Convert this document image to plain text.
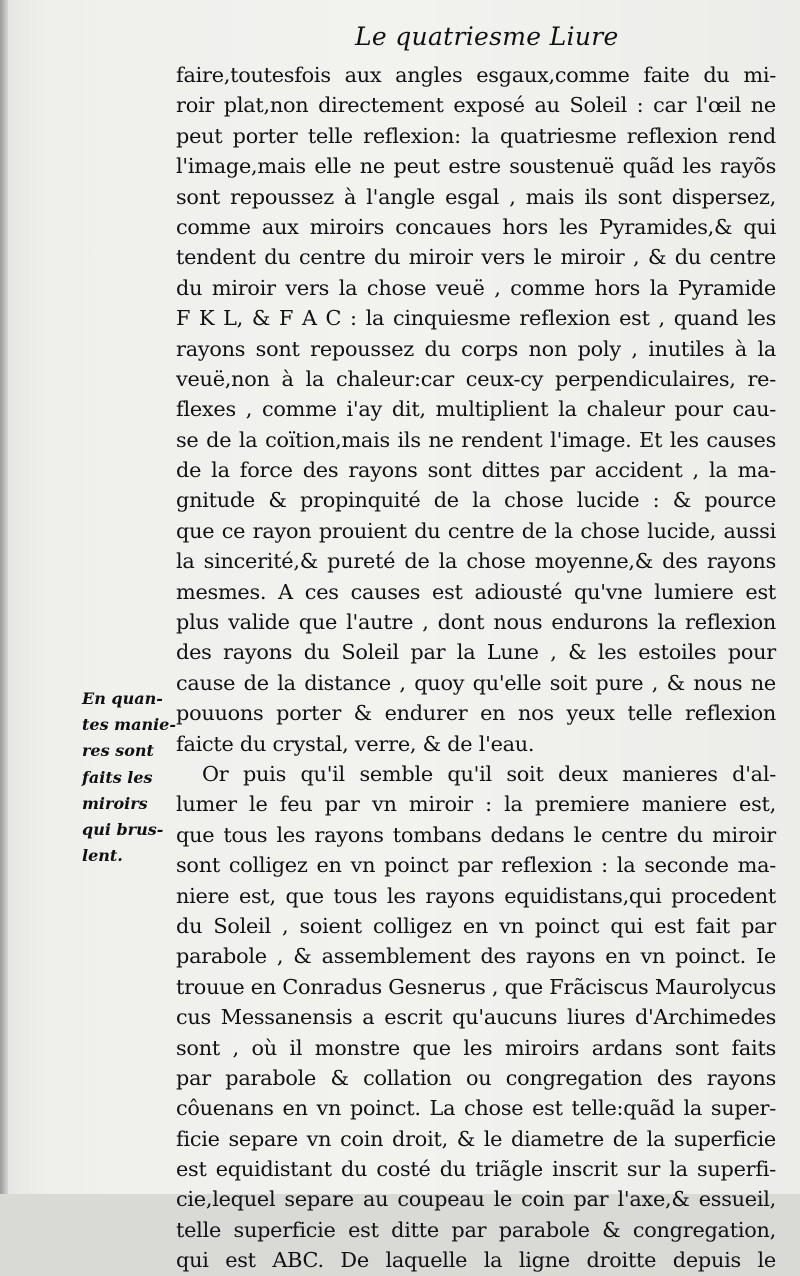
Le quatriesme Liure
faire,toutesfois aux angles esgaux,comme faite du mi-
roir plat,non directement exposé au Soleil : car l'œil ne
peut porter telle reflexion: la quatriesme reflexion rend
l'image,mais elle ne peut estre soustenuë quãd les rayõs
sont repoussez à l'angle esgal , mais ils sont dispersez,
comme aux miroirs concaues hors les Pyramides,& qui
tendent du centre du miroir vers le miroir , & du centre
du miroir vers la chose veuë , comme hors la Pyramide
F K L, & F A C : la cinquiesme reflexion est , quand les
rayons sont repoussez du corps non poly , inutiles à la
veuë,non à la chaleur:car ceux-cy perpendiculaires, re-
flexes , comme i'ay dit, multiplient la chaleur pour cau-
se de la coïtion,mais ils ne rendent l'image. Et les causes
de la force des rayons sont dittes par accident , la ma-
gnitude & propinquité de la chose lucide : & pource
que ce rayon prouient du centre de la chose lucide, aussi
la sincerité,& pureté de la chose moyenne,& des rayons
mesmes. A ces causes est adiousté qu'vne lumiere est
plus valide que l'autre , dont nous endurons la reflexion
des rayons du Soleil par la Lune , & les estoiles pour
cause de la distance , quoy qu'elle soit pure , & nous ne
pouuons porter & endurer en nos yeux telle reflexion
faicte du crystal, verre, & de l'eau.
Or puis qu'il semble qu'il soit deux manieres d'al-
lumer le feu par vn miroir : la premiere maniere est,
que tous les rayons tombans dedans le centre du miroir
sont colligez en vn poinct par reflexion : la seconde ma-
niere est, que tous les rayons equidistans,qui procedent
du Soleil , soient colligez en vn poinct qui est fait par
parabole , & assemblement des rayons en vn poinct. Ie
trouue en Conradus Gesnerus , que Frãciscus Maurolycus
cus Messanensis a escrit qu'aucuns liures d'Archimedes
sont , où il monstre que les miroirs ardans sont faits
par parabole & collation ou congregation des rayons
côuenans en vn poinct. La chose est telle:quãd la super-
ficie separe vn coin droit, & le diametre de la superficie
est equidistant du costé du triãgle inscrit sur la superfi-
cie,lequel separe au coupeau le coin par l'axe,& essueil,
telle superficie est ditte par parabole & congregation,
qui est ABC. De laquelle la ligne droitte depuis le
En quan-
tes manie-
res sont
faits les
miroirs
qui brus-
lent.
